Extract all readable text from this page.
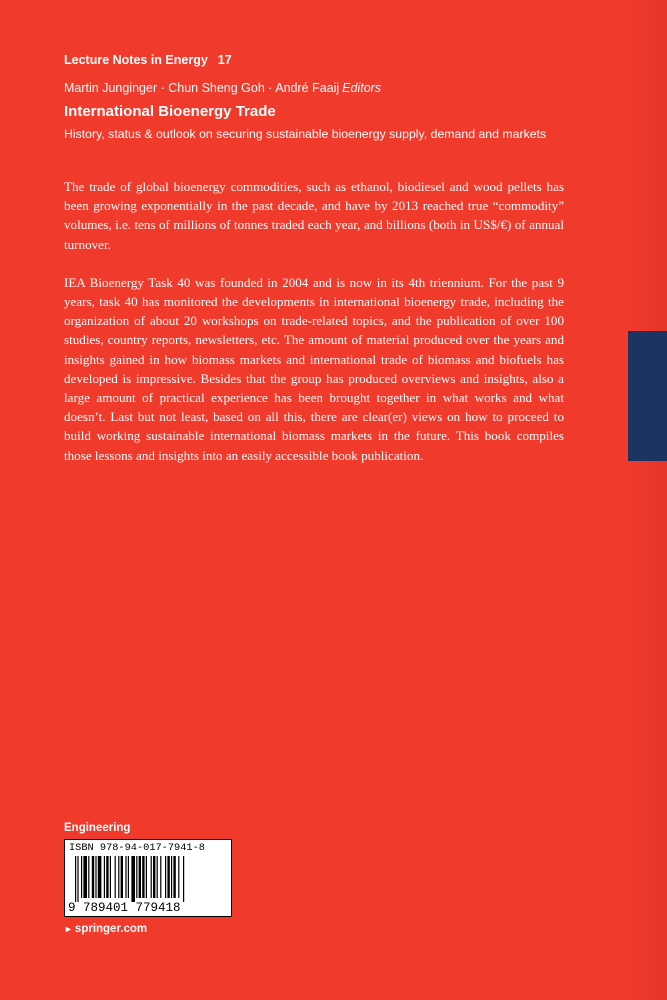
Lecture Notes in Energy 17
Martin Junginger · Chun Sheng Goh · André Faaij Editors
International Bioenergy Trade
History, status & outlook on securing sustainable bioenergy supply, demand and markets

The trade of global bioenergy commodities, such as ethanol, biodiesel and wood pellets has been growing exponentially in the past decade, and have by 2013 reached true “commodity” volumes, i.e. tens of millions of tonnes traded each year, and billions (both in US$/€) of annual turnover.

IEA Bioenergy Task 40 was founded in 2004 and is now in its 4th triennium. For the past 9 years, task 40 has monitored the developments in international bioenergy trade, including the organization of about 20 workshops on trade-related topics, and the publication of over 100 studies, country reports, newsletters, etc. The amount of material produced over the years and insights gained in how biomass markets and international trade of biomass and biofuels has developed is impressive. Besides that the group has produced overviews and insights, also a large amount of practical experience has been brought together in what works and what doesn’t. Last but not least, based on all this, there are clear(er) views on how to proceed to build working sustainable international biomass markets in the future. This book compiles those lessons and insights into an easily accessible book publication.

Engineering
ISBN 978-94-017-7941-8
9 789401 779418
► springer.com
